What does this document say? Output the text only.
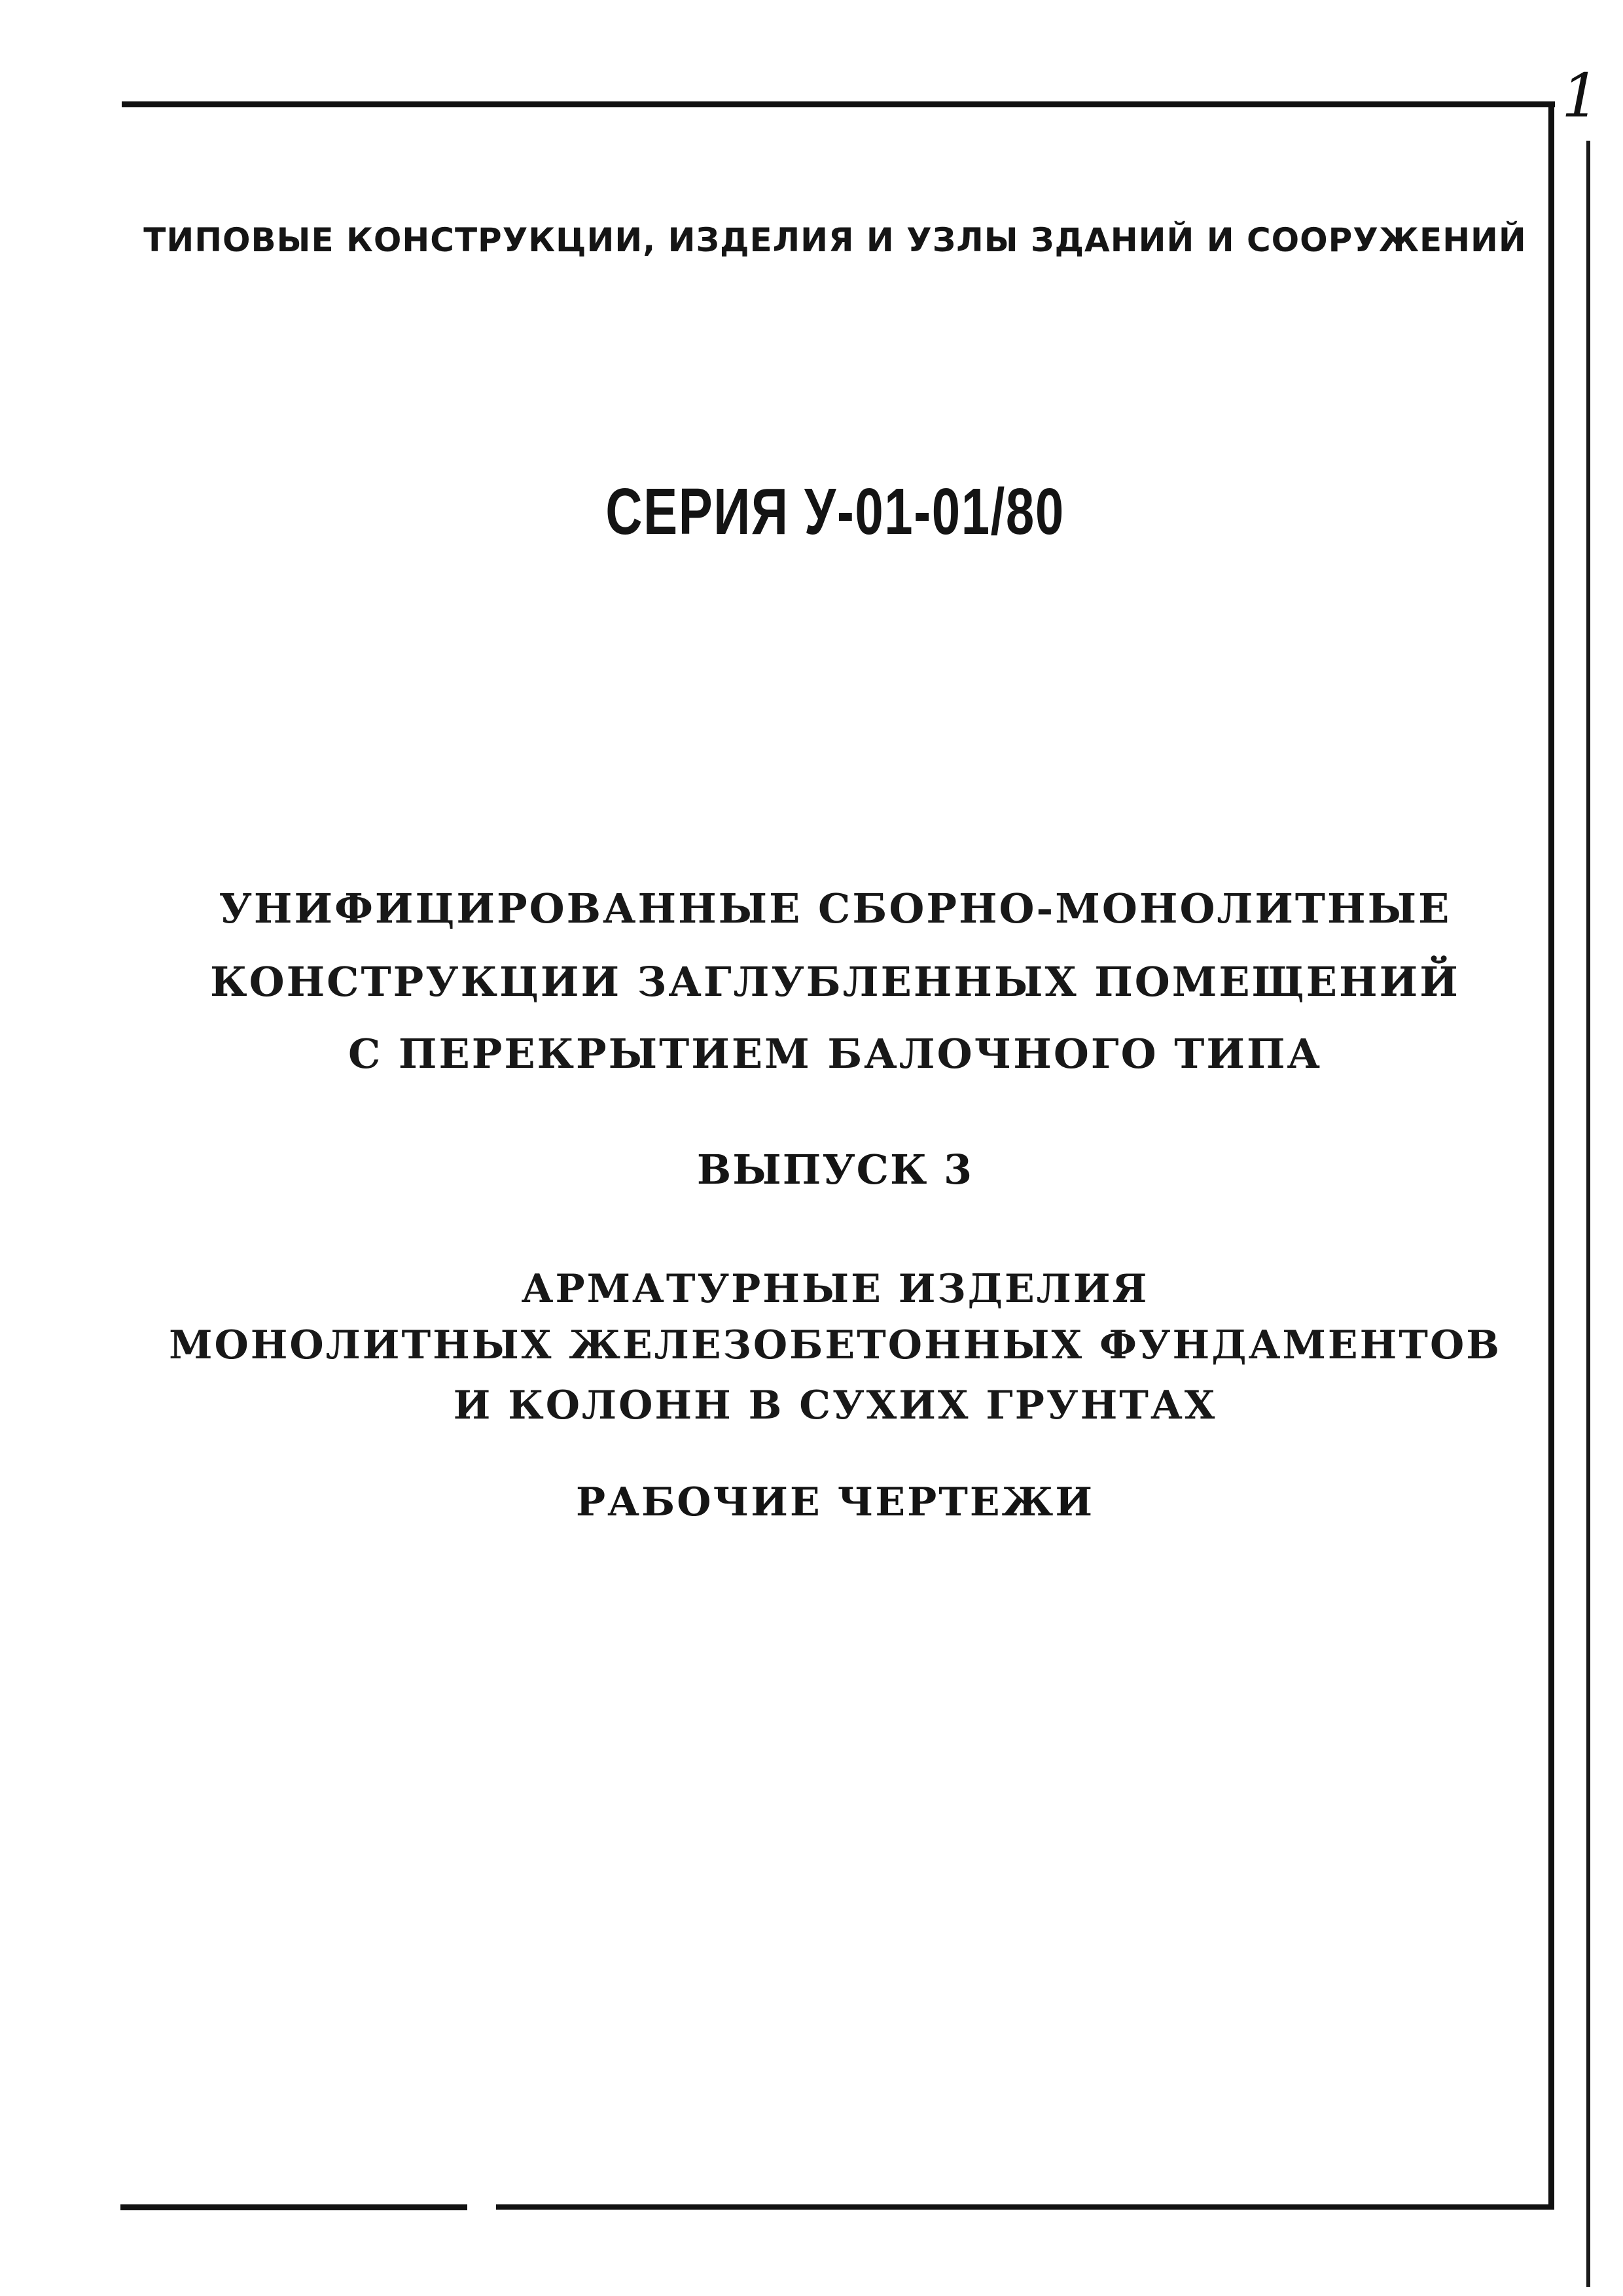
1
ТИПОВЫЕ КОНСТРУКЦИИ, ИЗДЕЛИЯ И УЗЛЫ ЗДАНИЙ И СООРУЖЕНИЙ
СЕРИЯ У-01-01/80
УНИФИЦИРОВАННЫЕ СБОРНО-МОНОЛИТНЫЕ
КОНСТРУКЦИИ ЗАГЛУБЛЕННЫХ ПОМЕЩЕНИЙ
С ПЕРЕКРЫТИЕМ БАЛОЧНОГО ТИПА
ВЫПУСК 3
АРМАТУРНЫЕ ИЗДЕЛИЯ
МОНОЛИТНЫХ ЖЕЛЕЗОБЕТОННЫХ ФУНДАМЕНТОВ
И КОЛОНН В СУХИХ ГРУНТАХ
РАБОЧИЕ ЧЕРТЕЖИ
